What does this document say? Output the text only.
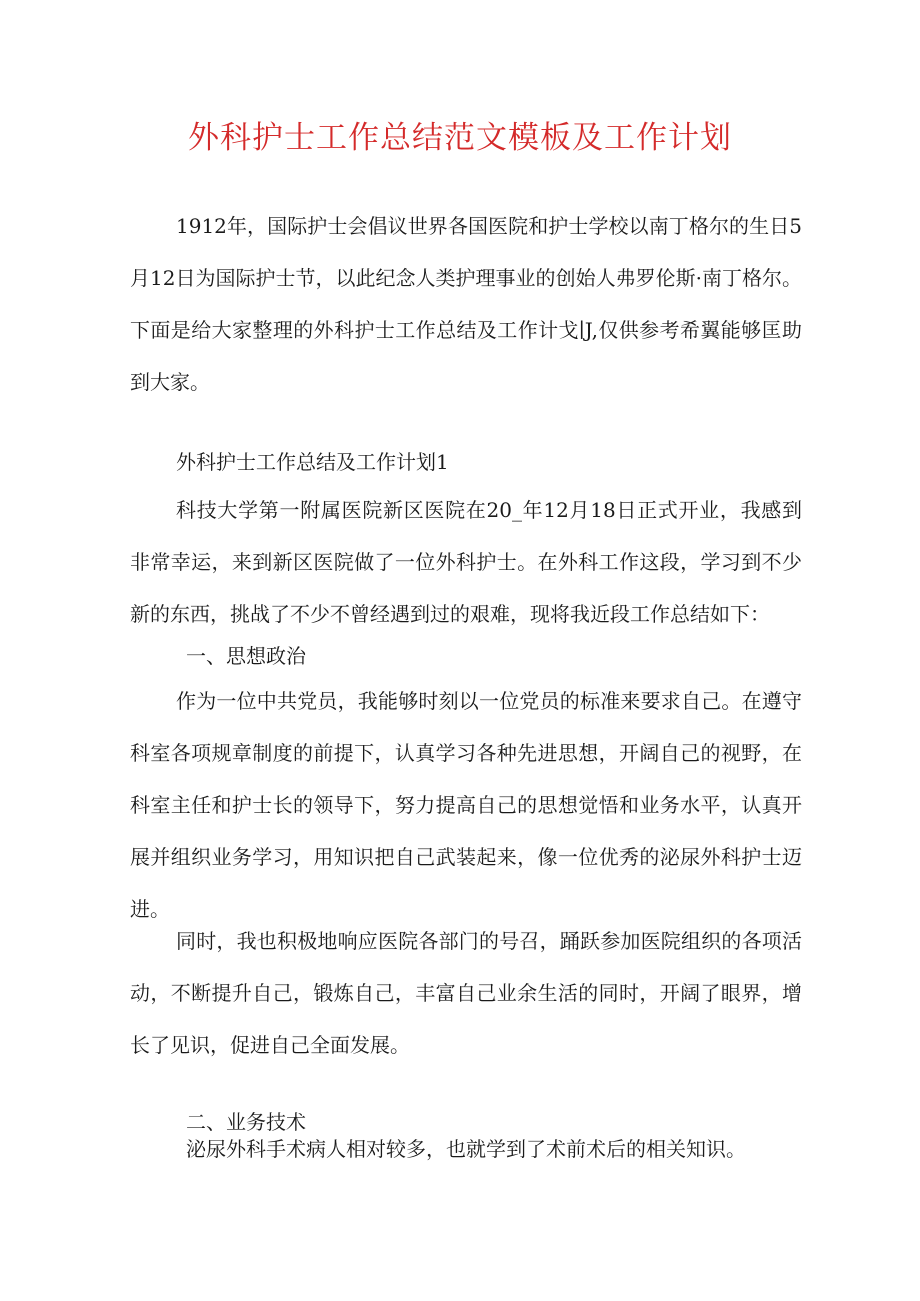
外科护士工作总结范文模板及工作计划

1912年，国际护士会倡议世界各国医院和护士学校以南丁格尔的生日5月12日为国际护士节，以此纪念人类护理事业的创始人弗罗伦斯·南丁格尔。下面是给大家整理的外科护士工作总结及工作计戈∣J,仅供参考希翼能够匡助到大家。

外科护士工作总结及工作计划1

科技大学第一附属医院新区医院在20_年12月18日正式开业，我感到非常幸运，来到新区医院做了一位外科护士。在外科工作这段，学习到不少新的东西，挑战了不少不曾经遇到过的艰难，现将我近段工作总结如下：

一、思想政治

作为一位中共党员，我能够时刻以一位党员的标准来要求自己。在遵守科室各项规章制度的前提下，认真学习各种先进思想，开阔自己的视野，在科室主任和护士长的领导下，努力提高自己的思想觉悟和业务水平，认真开展并组织业务学习，用知识把自己武装起来，像一位优秀的泌尿外科护士迈进。

同时，我也积极地响应医院各部门的号召，踊跃参加医院组织的各项活动，不断提升自己，锻炼自己，丰富自己业余生活的同时，开阔了眼界，增长了见识，促进自己全面发展。

二、业务技术

泌尿外科手术病人相对较多，也就学到了术前术后的相关知识。
